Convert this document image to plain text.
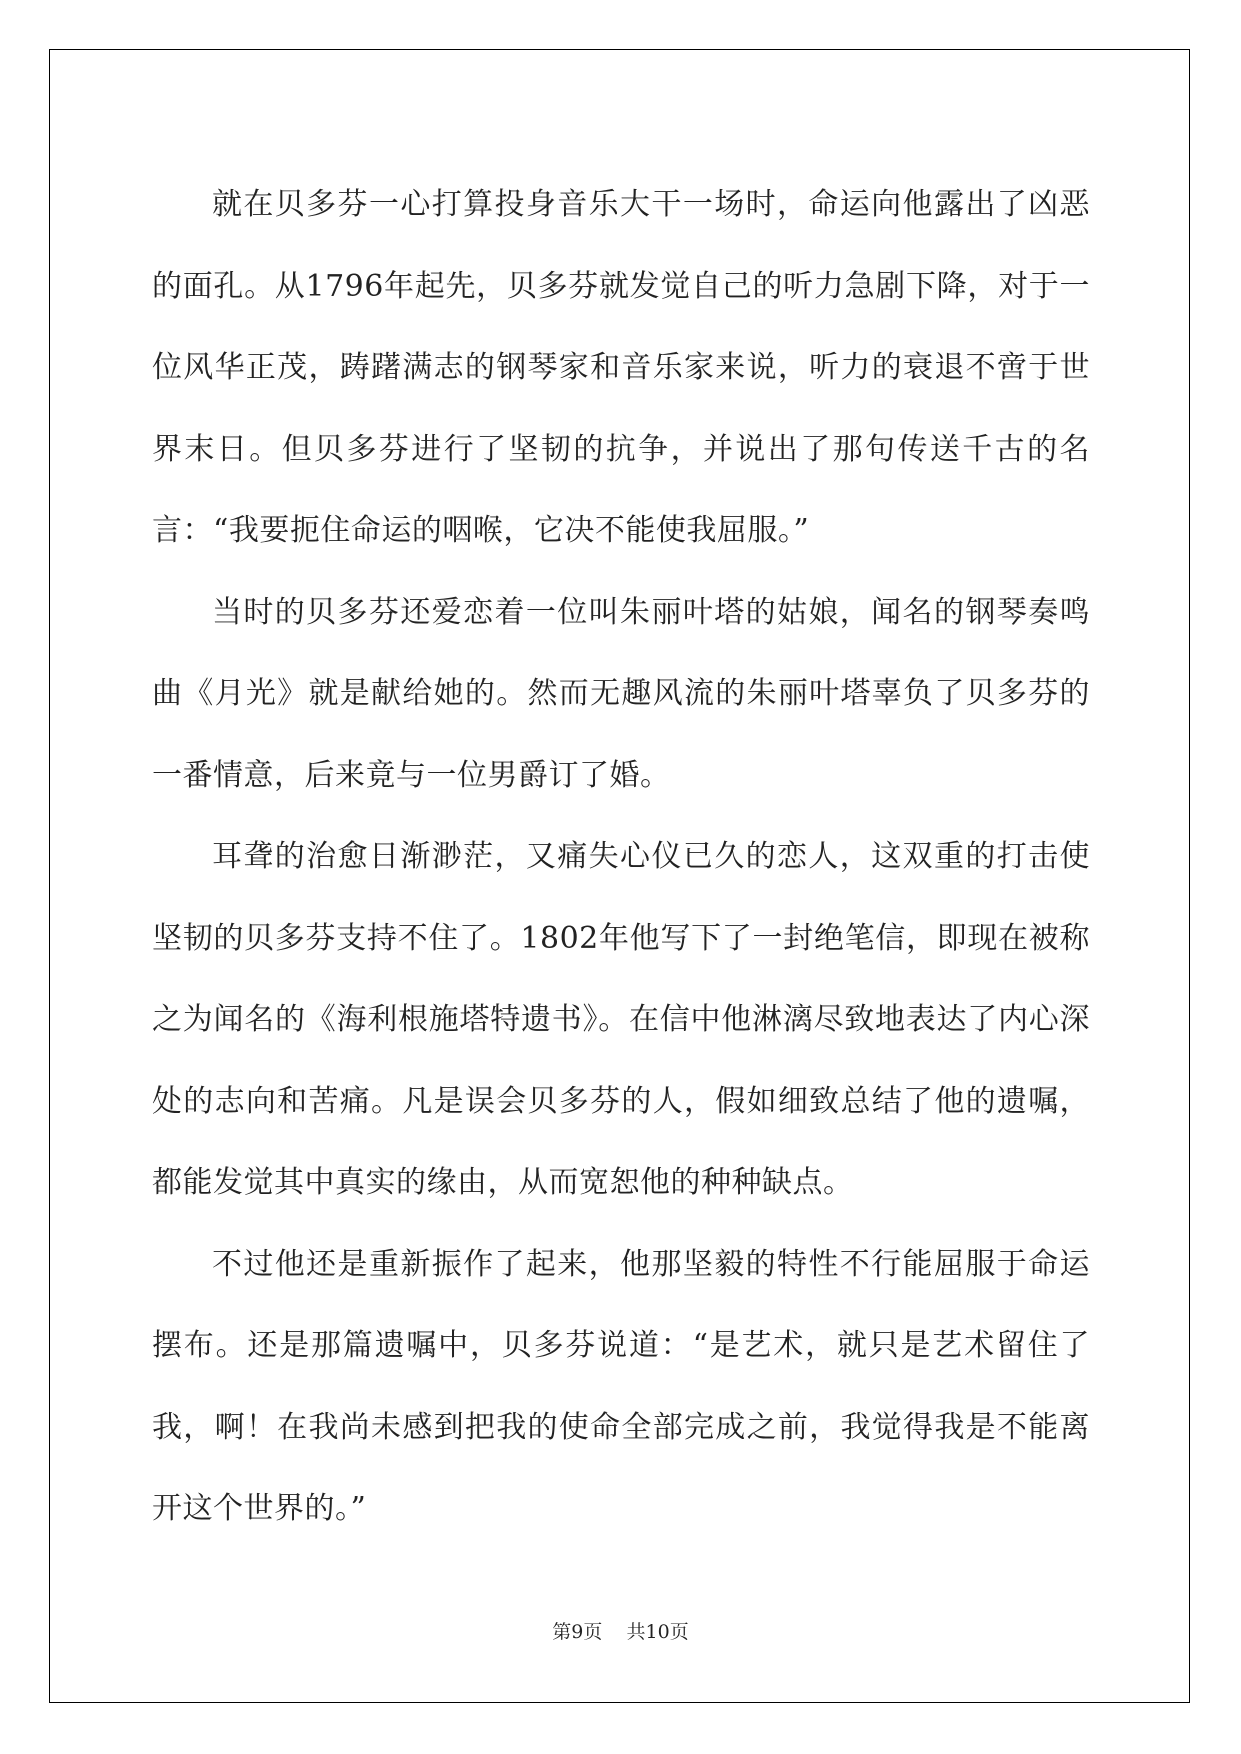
就在贝多芬一心打算投身音乐大干一场时，命运向他露出了凶恶的面孔。从1796年起先，贝多芬就发觉自己的听力急剧下降，对于一位风华正茂，踌躇满志的钢琴家和音乐家来说，听力的衰退不啻于世界末日。但贝多芬进行了坚韧的抗争，并说出了那句传送千古的名言：“我要扼住命运的咽喉，它决不能使我屈服。”

当时的贝多芬还爱恋着一位叫朱丽叶塔的姑娘，闻名的钢琴奏鸣曲《月光》就是献给她的。然而无趣风流的朱丽叶塔辜负了贝多芬的一番情意，后来竟与一位男爵订了婚。

耳聋的治愈日渐渺茫，又痛失心仪已久的恋人，这双重的打击使坚韧的贝多芬支持不住了。1802年他写下了一封绝笔信，即现在被称之为闻名的《海利根施塔特遗书》。在信中他淋漓尽致地表达了内心深处的志向和苦痛。凡是误会贝多芬的人，假如细致总结了他的遗嘱，都能发觉其中真实的缘由，从而宽恕他的种种缺点。

不过他还是重新振作了起来，他那坚毅的特性不行能屈服于命运摆布。还是那篇遗嘱中，贝多芬说道：“是艺术，就只是艺术留住了我，啊！在我尚未感到把我的使命全部完成之前，我觉得我是不能离开这个世界的。”

第9页 共10页
